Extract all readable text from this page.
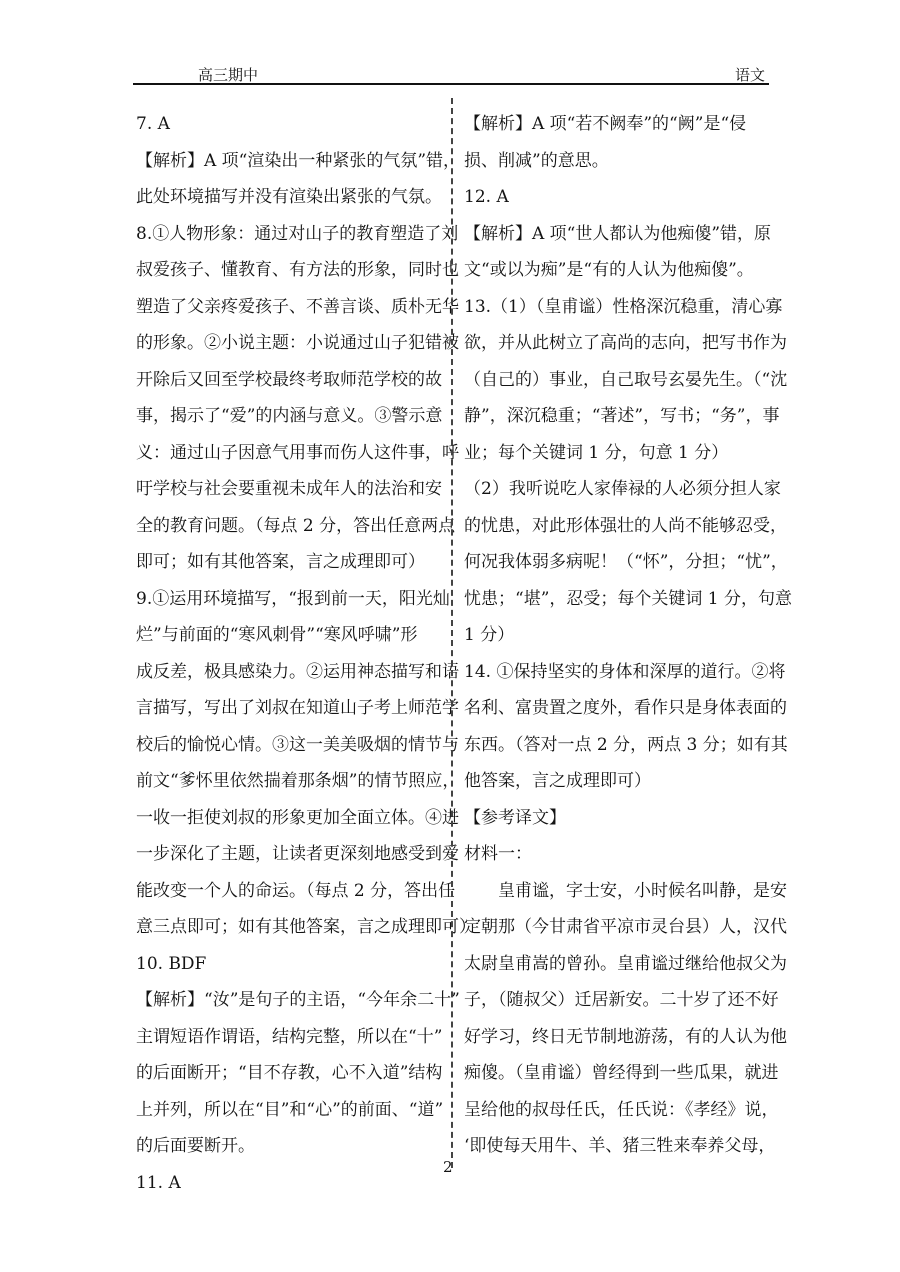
高三期中	语文
7. A
【解析】A 项“渲染出一种紧张的气氛”错，
此处环境描写并没有渲染出紧张的气氛。
8.①人物形象：通过对山子的教育塑造了刘
叔爱孩子、懂教育、有方法的形象，同时也
塑造了父亲疼爱孩子、不善言谈、质朴无华
的形象。②小说主题：小说通过山子犯错被
开除后又回至学校最终考取师范学校的故
事，揭示了“爱”的内涵与意义。③警示意
义：通过山子因意气用事而伤人这件事，呼
吁学校与社会要重视未成年人的法治和安
全的教育问题。（每点 2 分，答出任意两点
即可；如有其他答案，言之成理即可）
9.①运用环境描写，“报到前一天，阳光灿
烂”与前面的“寒风刺骨”“寒风呼啸”形
成反差，极具感染力。②运用神态描写和语
言描写，写出了刘叔在知道山子考上师范学
校后的愉悦心情。③这一美美吸烟的情节与
前文“爹怀里依然揣着那条烟”的情节照应，
一收一拒使刘叔的形象更加全面立体。④进
一步深化了主题，让读者更深刻地感受到爱
能改变一个人的命运。（每点 2 分，答出任
意三点即可；如有其他答案，言之成理即可）
10. BDF
【解析】“汝”是句子的主语，“今年余二十”
主谓短语作谓语，结构完整，所以在“十”
的后面断开；“目不存教，心不入道”结构
上并列，所以在“目”和“心”的前面、“道”
的后面要断开。
11. A
【解析】A 项“若不阙奉”的“阙”是“侵
损、削减”的意思。
12. A
【解析】A 项“世人都认为他痴傻”错，原
文“或以为痴”是“有的人认为他痴傻”。
13.（1）（皇甫谧）性格深沉稳重，清心寡
欲，并从此树立了高尚的志向，把写书作为
（自己的）事业，自己取号玄晏先生。（“沈
静”，深沉稳重；“著述”，写书；“务”，事
业；每个关键词 1 分，句意 1 分）
（2）我听说吃人家俸禄的人必须分担人家
的忧患，对此形体强壮的人尚不能够忍受，
何况我体弱多病呢！（“怀”，分担；“忧”，
忧患；“堪”，忍受；每个关键词 1 分，句意
1 分）
14. ①保持坚实的身体和深厚的道行。②将
名利、富贵置之度外，看作只是身体表面的
东西。（答对一点 2 分，两点 3 分；如有其
他答案，言之成理即可）
【参考译文】
材料一：
皇甫谧，字士安，小时候名叫静，是安
定朝那（今甘肃省平凉市灵台县）人，汉代
太尉皇甫嵩的曾孙。皇甫谧过继给他叔父为
子，（随叔父）迁居新安。二十岁了还不好
好学习，终日无节制地游荡，有的人认为他
痴傻。（皇甫谧）曾经得到一些瓜果，就进
呈给他的叔母任氏，任氏说：《孝经》说，
‘即使每天用牛、羊、猪三牲来奉养父母，
2
